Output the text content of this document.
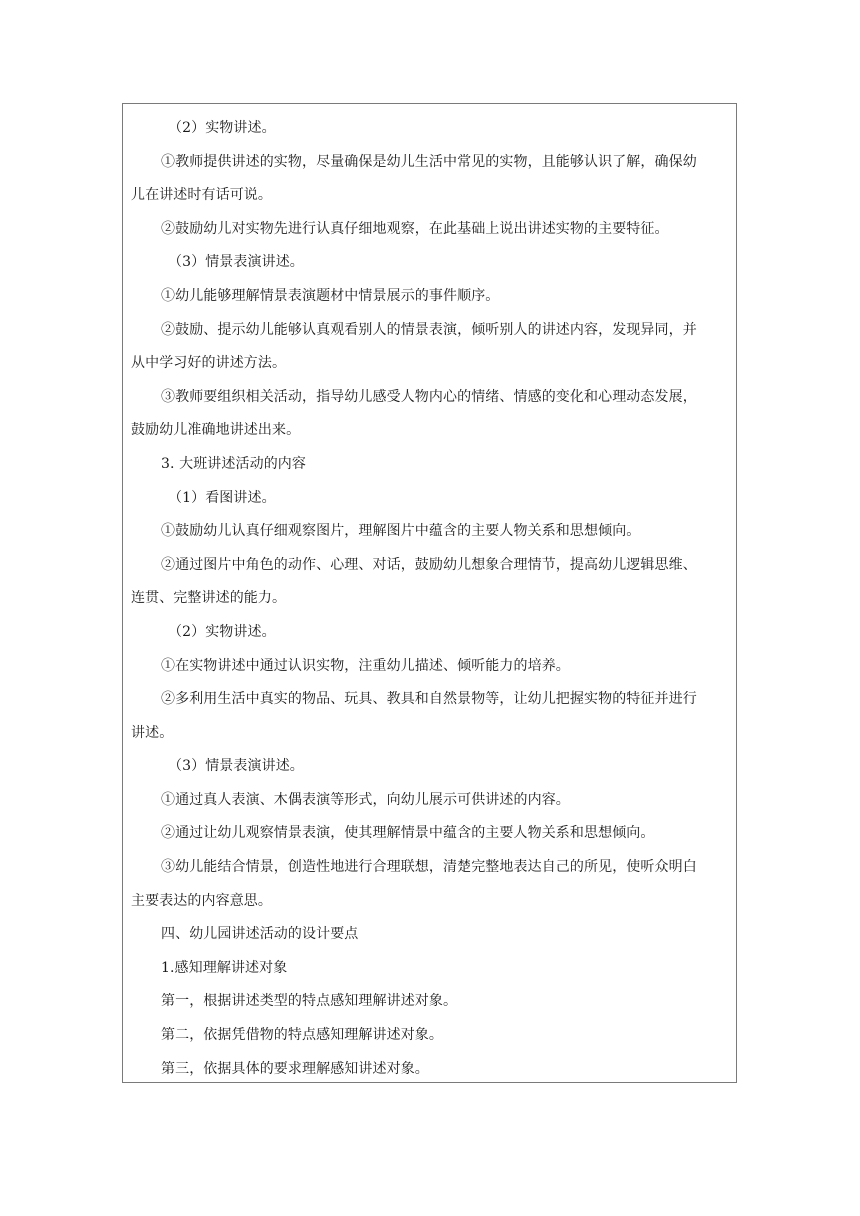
（2）实物讲述。
①教师提供讲述的实物，尽量确保是幼儿生活中常见的实物，且能够认识了解，确保幼
儿在讲述时有话可说。
②鼓励幼儿对实物先进行认真仔细地观察，在此基础上说出讲述实物的主要特征。
（3）情景表演讲述。
①幼儿能够理解情景表演题材中情景展示的事件顺序。
②鼓励、提示幼儿能够认真观看别人的情景表演，倾听别人的讲述内容，发现异同，并
从中学习好的讲述方法。
③教师要组织相关活动，指导幼儿感受人物内心的情绪、情感的变化和心理动态发展，
鼓励幼儿准确地讲述出来。
3. 大班讲述活动的内容
（1）看图讲述。
①鼓励幼儿认真仔细观察图片，理解图片中蕴含的主要人物关系和思想倾向。
②通过图片中角色的动作、心理、对话，鼓励幼儿想象合理情节，提高幼儿逻辑思维、
连贯、完整讲述的能力。
（2）实物讲述。
①在实物讲述中通过认识实物，注重幼儿描述、倾听能力的培养。
②多利用生活中真实的物品、玩具、教具和自然景物等，让幼儿把握实物的特征并进行
讲述。
（3）情景表演讲述。
①通过真人表演、木偶表演等形式，向幼儿展示可供讲述的内容。
②通过让幼儿观察情景表演，使其理解情景中蕴含的主要人物关系和思想倾向。
③幼儿能结合情景，创造性地进行合理联想，清楚完整地表达自己的所见，使听众明白
主要表达的内容意思。
四、幼儿园讲述活动的设计要点
1.感知理解讲述对象
第一，根据讲述类型的特点感知理解讲述对象。
第二，依据凭借物的特点感知理解讲述对象。
第三，依据具体的要求理解感知讲述对象。
